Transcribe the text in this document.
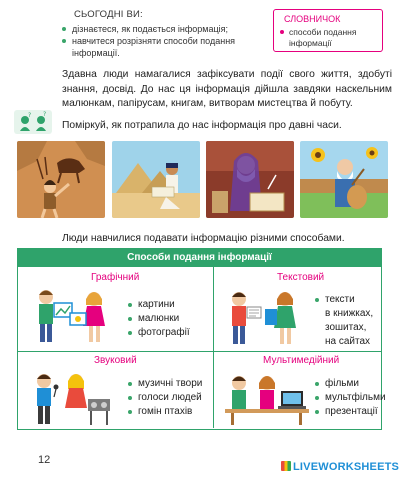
СЬОГОДНІ ВИ:
дізнаєтеся, як подається інформація;
навчитеся розрізняти способи подання
інформації.
СЛОВНИЧОК
способи подання
інформації
Здавна люди намагалися зафіксувати події свого життя, здобуті знання, досвід. До нас ця інформація дійшла завдяки наскельним малюнкам, папірусам, книгам, витворам мистецтва й побуту.
? ?
Поміркуй, як потрапила до нас інформація про давні часи.
Люди навчилися подавати інформацію різними способами.
Способи подання інформації
Графічний
картини
малюнки
фотографії
Текстовий
тексти
в книжках,
зошитах,
на сайтах
Звуковий
музичні твори
голоси людей
гомін птахів
Мультимедійний
фільми
мультфільми
презентації
12
LIVEWORKSHEETS
